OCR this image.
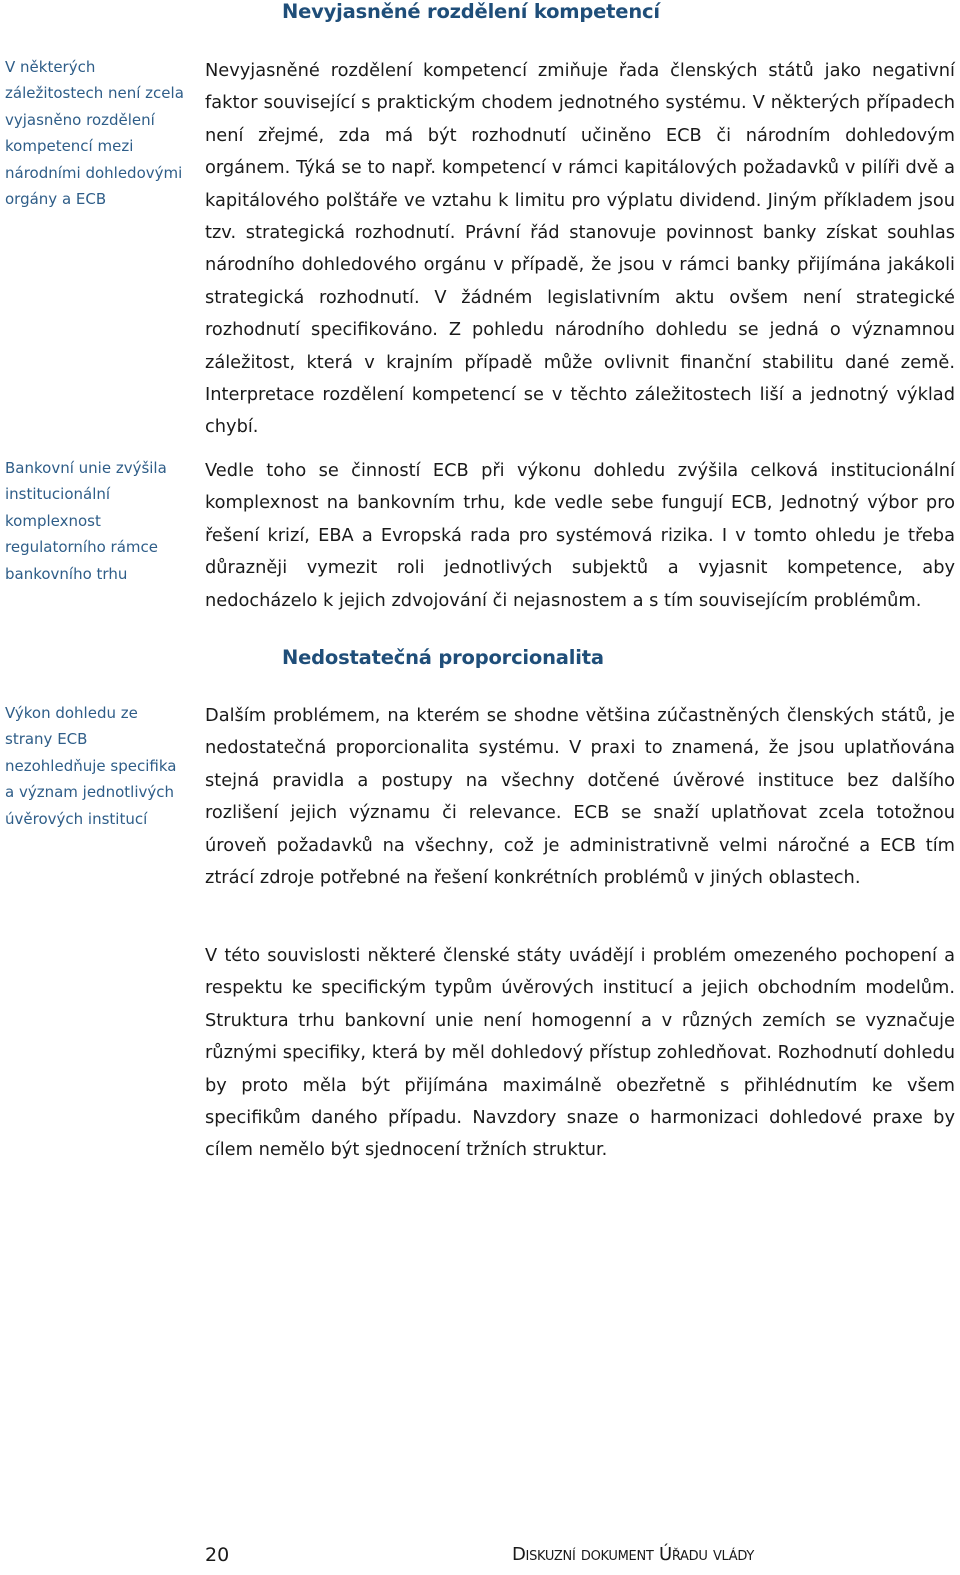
Nevyjasněné rozdělení kompetencí

V některých záležitostech není zcela vyjasněno rozdělení kompetencí mezi národními dohledovými orgány a ECB

Nevyjasněné rozdělení kompetencí zmiňuje řada členských států jako negativní faktor související s praktickým chodem jednotného systému. V některých případech není zřejmé, zda má být rozhodnutí učiněno ECB či národním dohledovým orgánem. Týká se to např. kompetencí v rámci kapitálových požadavků v pilíři dvě a kapitálového polštáře ve vztahu k limitu pro výplatu dividend. Jiným příkladem jsou tzv. strategická rozhodnutí. Právní řád stanovuje povinnost banky získat souhlas národního dohledového orgánu v případě, že jsou v rámci banky přijímána jakákoli strategická rozhodnutí. V žádném legislativním aktu ovšem není strategické rozhodnutí specifikováno. Z pohledu národního dohledu se jedná o významnou záležitost, která v krajním případě může ovlivnit finanční stabilitu dané země. Interpretace rozdělení kompetencí se v těchto záležitostech liší a jednotný výklad chybí.

Bankovní unie zvýšila institucionální komplexnost regulatorního rámce bankovního trhu

Vedle toho se činností ECB při výkonu dohledu zvýšila celková institucionální komplexnost na bankovním trhu, kde vedle sebe fungují ECB, Jednotný výbor pro řešení krizí, EBA a Evropská rada pro systémová rizika. I v tomto ohledu je třeba důrazněji vymezit roli jednotlivých subjektů a vyjasnit kompetence, aby nedocházelo k jejich zdvojování či nejasnostem a s tím souvisejícím problémům.

Nedostatečná proporcionalita

Výkon dohledu ze strany ECB nezohledňuje specifika a význam jednotlivých úvěrových institucí

Dalším problémem, na kterém se shodne většina zúčastněných členských států, je nedostatečná proporcionalita systému. V praxi to znamená, že jsou uplatňována stejná pravidla a postupy na všechny dotčené úvěrové instituce bez dalšího rozlišení jejich významu či relevance. ECB se snaží uplatňovat zcela totožnou úroveň požadavků na všechny, což je administrativně velmi náročné a ECB tím ztrácí zdroje potřebné na řešení konkrétních problémů v jiných oblastech.

V této souvislosti některé členské státy uvádějí i problém omezeného pochopení a respektu ke specifickým typům úvěrových institucí a jejich obchodním modelům. Struktura trhu bankovní unie není homogenní a v různých zemích se vyznačuje různými specifiky, která by měl dohledový přístup zohledňovat. Rozhodnutí dohledu by proto měla být přijímána maximálně obezřetně s přihlédnutím ke všem specifikům daného případu. Navzdory snaze o harmonizaci dohledové praxe by cílem nemělo být sjednocení tržních struktur.

20	Diskuzní dokument Úřadu vlády
